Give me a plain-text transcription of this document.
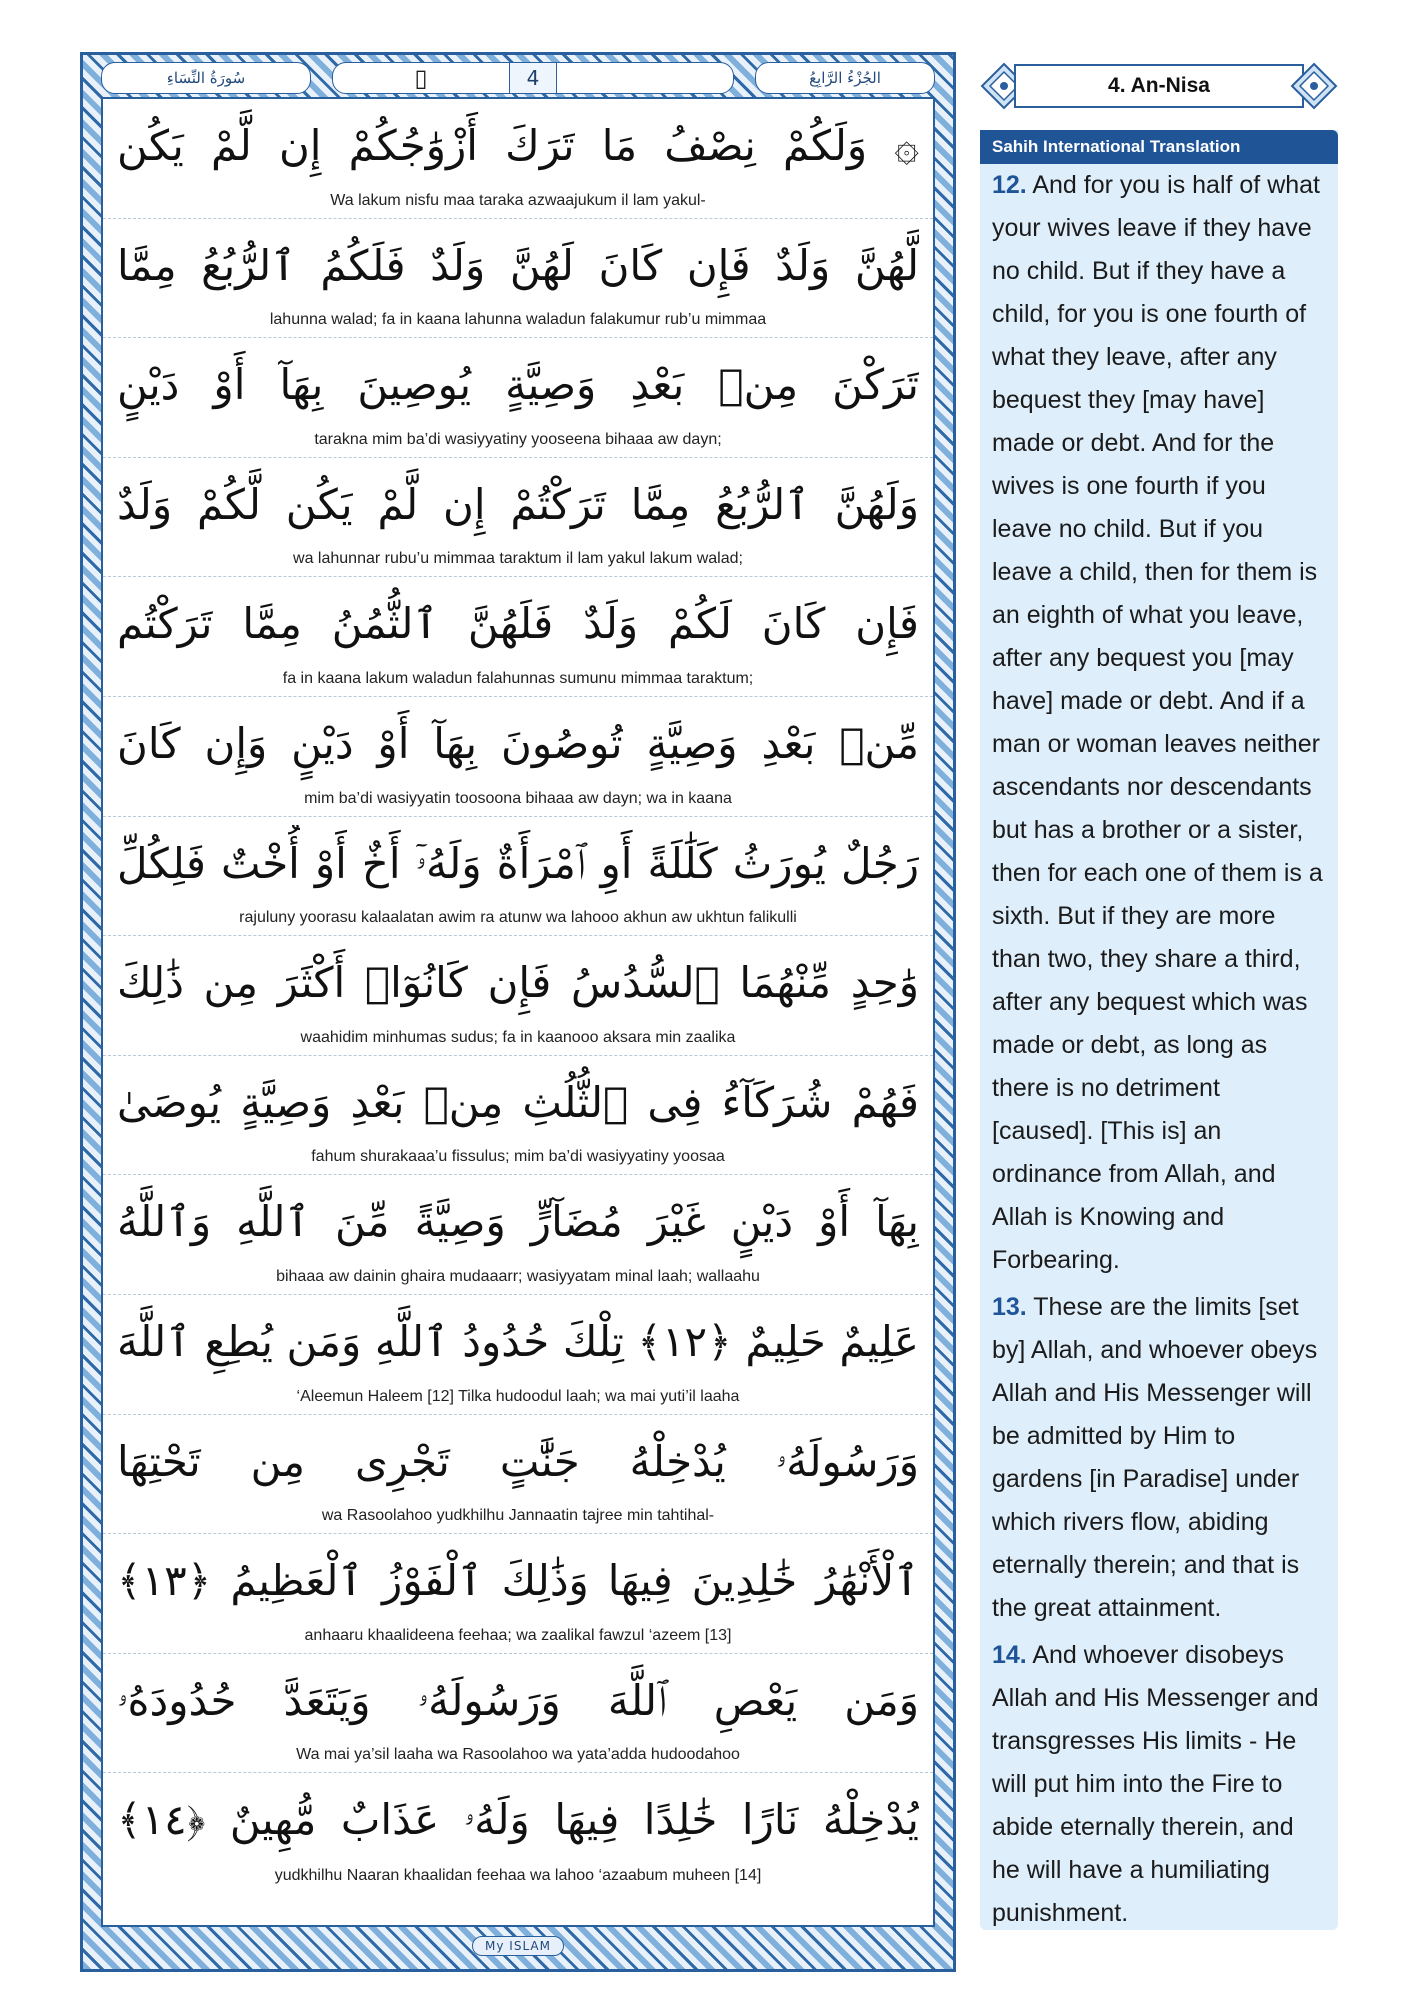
سُورَةُ النِّسَاءِ	▯	4	الجُزْءُ الرَّابِعُ
۞ وَلَكُمْ نِصْفُ مَا تَرَكَ أَزْوَٰجُكُمْ إِن لَّمْ يَكُن
Wa lakum nisfu maa taraka azwaajukum il lam yakul-
لَّهُنَّ وَلَدٌ فَإِن كَانَ لَهُنَّ وَلَدٌ فَلَكُمُ ٱلرُّبُعُ مِمَّا
lahunna walad; fa in kaana lahunna waladun falakumur rub’u mimmaa
تَرَكْنَ مِنۢ بَعْدِ وَصِيَّةٍ يُوصِينَ بِهَآ أَوْ دَيْنٍ
tarakna mim ba’di wasiyyatiny yooseena bihaaa aw dayn;
وَلَهُنَّ ٱلرُّبُعُ مِمَّا تَرَكْتُمْ إِن لَّمْ يَكُن لَّكُمْ وَلَدٌ
wa lahunnar rubu’u mimmaa taraktum il lam yakul lakum walad;
فَإِن كَانَ لَكُمْ وَلَدٌ فَلَهُنَّ ٱلثُّمُنُ مِمَّا تَرَكْتُم
fa in kaana lakum waladun falahunnas sumunu mimmaa taraktum;
مِّنۢ بَعْدِ وَصِيَّةٍ تُوصُونَ بِهَآ أَوْ دَيْنٍ وَإِن كَانَ
mim ba’di wasiyyatin toosoona bihaaa aw dayn; wa in kaana
رَجُلٌ يُورَثُ كَلَٰلَةً أَوِ ٱمْرَأَةٌ وَلَهُۥٓ أَخٌ أَوْ أُخْتٌ فَلِكُلِّ
rajuluny yoorasu kalaalatan awim ra atunw wa lahooo akhun aw ukhtun falikulli
وَٰحِدٍ مِّنْهُمَا ٱلسُّدُسُ فَإِن كَانُوٓا۟ أَكْثَرَ مِن ذَٰلِكَ
waahidim minhumas sudus; fa in kaanooo aksara min zaalika
فَهُمْ شُرَكَآءُ فِى ٱلثُّلُثِ مِنۢ بَعْدِ وَصِيَّةٍ يُوصَىٰ
fahum shurakaaa’u fissulus; mim ba’di wasiyyatiny yoosaa
بِهَآ أَوْ دَيْنٍ غَيْرَ مُضَآرٍّ وَصِيَّةً مِّنَ ٱللَّهِ وَٱللَّهُ
bihaaa aw dainin ghaira mudaaarr; wasiyyatam minal laah; wallaahu
عَلِيمٌ حَلِيمٌ ﴿١٢﴾ تِلْكَ حُدُودُ ٱللَّهِ وَمَن يُطِعِ ٱللَّهَ
‘Aleemun Haleem [12] Tilka hudoodul laah; wa mai yuti’il laaha
وَرَسُولَهُۥ يُدْخِلْهُ جَنَّٰتٍ تَجْرِى مِن تَحْتِهَا
wa Rasoolahoo yudkhilhu Jannaatin tajree min tahtihal-
ٱلْأَنْهَٰرُ خَٰلِدِينَ فِيهَا وَذَٰلِكَ ٱلْفَوْزُ ٱلْعَظِيمُ ﴿١٣﴾
anhaaru khaalideena feehaa; wa zaalikal fawzul ‘azeem [13]
وَمَن يَعْصِ ٱللَّهَ وَرَسُولَهُۥ وَيَتَعَدَّ حُدُودَهُۥ
Wa mai ya’sil laaha wa Rasoolahoo wa yata’adda hudoodahoo
يُدْخِلْهُ نَارًا خَٰلِدًا فِيهَا وَلَهُۥ عَذَابٌ مُّهِينٌ ﴿١٤﴾
yudkhilhu Naaran khaalidan feehaa wa lahoo ‘azaabum muheen [14]
My ISLAM
4. An-Nisa
Sahih International Translation
12. And for you is half of what your wives leave if they have no child. But if they have a child, for you is one fourth of what they leave, after any bequest they [may have] made or debt. And for the wives is one fourth if you leave no child. But if you leave a child, then for them is an eighth of what you leave, after any bequest you [may have] made or debt. And if a man or woman leaves neither ascendants nor descendants but has a brother or a sister, then for each one of them is a sixth. But if they are more than two, they share a third, after any bequest which was made or debt, as long as there is no detriment [caused]. [This is] an ordinance from Allah, and Allah is Knowing and Forbearing.
13. These are the limits [set by] Allah, and whoever obeys Allah and His Messenger will be admitted by Him to gardens [in Paradise] under which rivers flow, abiding eternally therein; and that is the great attainment.
14. And whoever disobeys Allah and His Messenger and transgresses His limits - He will put him into the Fire to abide eternally therein, and he will have a humiliating punishment.
